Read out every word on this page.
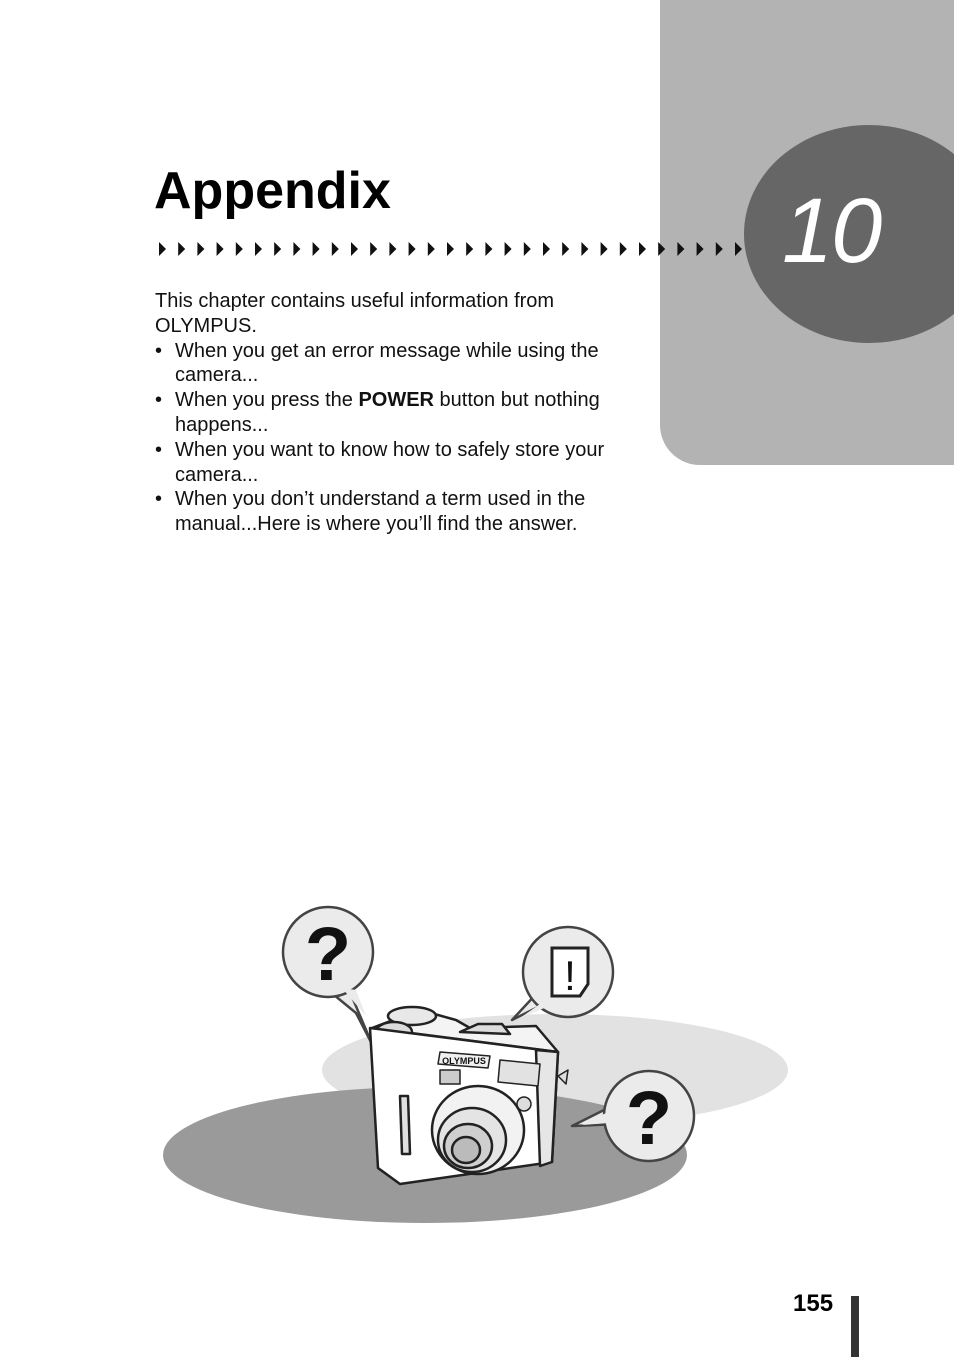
10
Appendix

This chapter contains useful information from OLYMPUS.

• When you get an error message while using the camera...
• When you press the POWER button but nothing happens...
• When you want to know how to safely store your camera...
• When you don’t understand a term used in the manual...Here is where you’ll find the answer.
?	!
?
OLYMPUS
155
